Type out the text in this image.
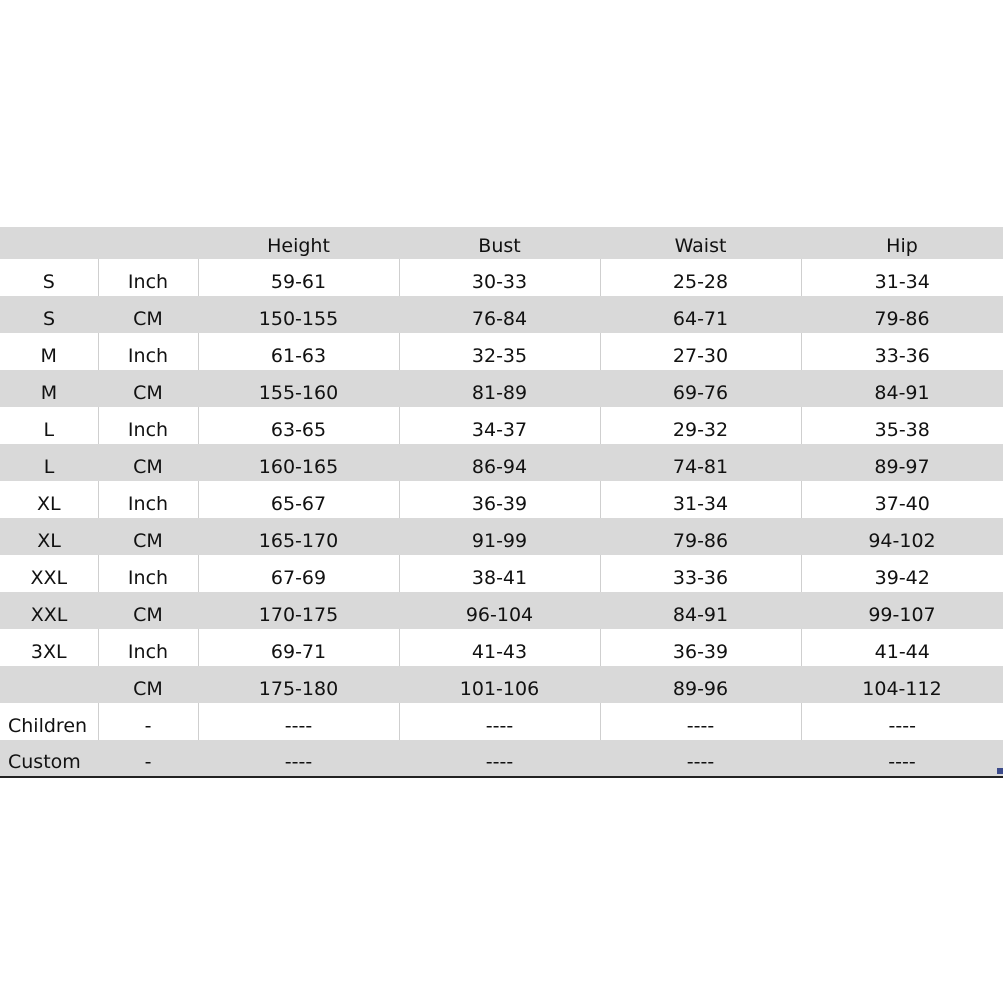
		Height	Bust	Waist	Hip
S	Inch	59-61	30-33	25-28	31-34
S	CM	150-155	76-84	64-71	79-86
M	Inch	61-63	32-35	27-30	33-36
M	CM	155-160	81-89	69-76	84-91
L	Inch	63-65	34-37	29-32	35-38
L	CM	160-165	86-94	74-81	89-97
XL	Inch	65-67	36-39	31-34	37-40
XL	CM	165-170	91-99	79-86	94-102
XXL	Inch	67-69	38-41	33-36	39-42
XXL	CM	170-175	96-104	84-91	99-107
3XL	Inch	69-71	41-43	36-39	41-44
	CM	175-180	101-106	89-96	104-112
Children	-	----	----	----	----
Custom	-	----	----	----	----
